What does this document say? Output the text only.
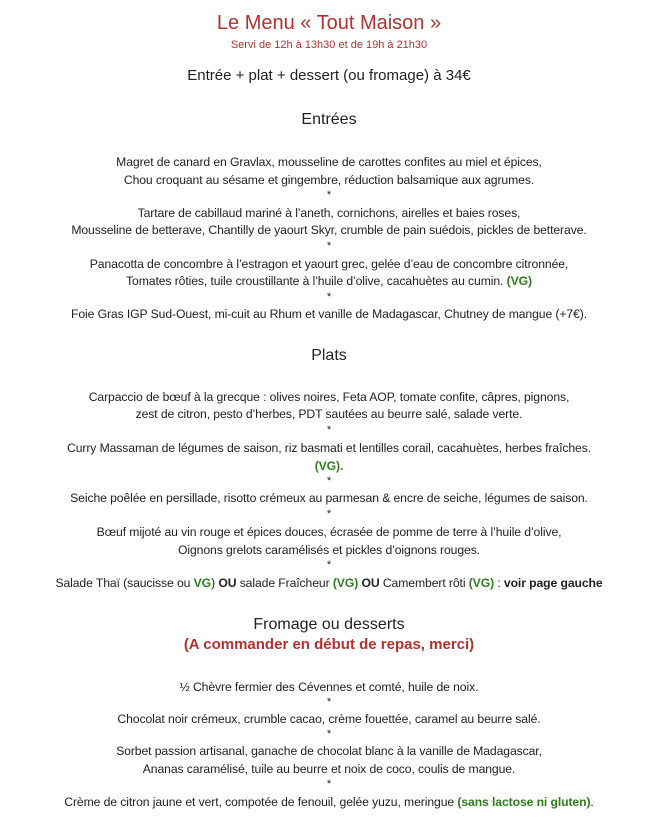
Le Menu « Tout Maison »
Servi de 12h à 13h30 et de 19h à 21h30
Entrée + plat + dessert (ou fromage) à 34€
Entrées
Magret de canard en Gravlax, mousseline de carottes confites au miel et épices,
Chou croquant au sésame et gingembre, réduction balsamique aux agrumes.
*
Tartare de cabillaud mariné à l’aneth, cornichons, airelles et baies roses,
Mousseline de betterave, Chantilly de yaourt Skyr, crumble de pain suédois, pickles de betterave.
*
Panacotta de concombre à l’estragon et yaourt grec, gelée d’eau de concombre citronnée,
Tomates rôties, tuile croustillante à l’huile d’olive, cacahuètes au cumin. (VG)
*
Foie Gras IGP Sud-Ouest, mi-cuit au Rhum et vanille de Madagascar, Chutney de mangue (+7€).
Plats
Carpaccio de bœuf à la grecque : olives noires, Feta AOP, tomate confite, câpres, pignons,
zest de citron, pesto d’herbes, PDT sautées au beurre salé, salade verte.
*
Curry Massaman de légumes de saison, riz basmati et lentilles corail, cacahuètes, herbes fraîches.
(VG).
*
Seiche poêlée en persillade, risotto crémeux au parmesan & encre de seiche, légumes de saison.
*
Bœuf mijoté au vin rouge et épices douces, écrasée de pomme de terre à l’huile d’olive,
Oignons grelots caramélisés et pickles d’oignons rouges.
*
Salade Thaï (saucisse ou VG) OU salade Fraîcheur (VG) OU Camembert rôti (VG) : voir page gauche
Fromage ou desserts
(A commander en début de repas, merci)
½ Chèvre fermier des Cévennes et comté, huile de noix.
*
Chocolat noir crémeux, crumble cacao, crème fouettée, caramel au beurre salé.
*
Sorbet passion artisanal, ganache de chocolat blanc à la vanille de Madagascar,
Ananas caramélisé, tuile au beurre et noix de coco, coulis de mangue.
*
Crème de citron jaune et vert, compotée de fenouil, gelée yuzu, meringue (sans lactose ni gluten).
